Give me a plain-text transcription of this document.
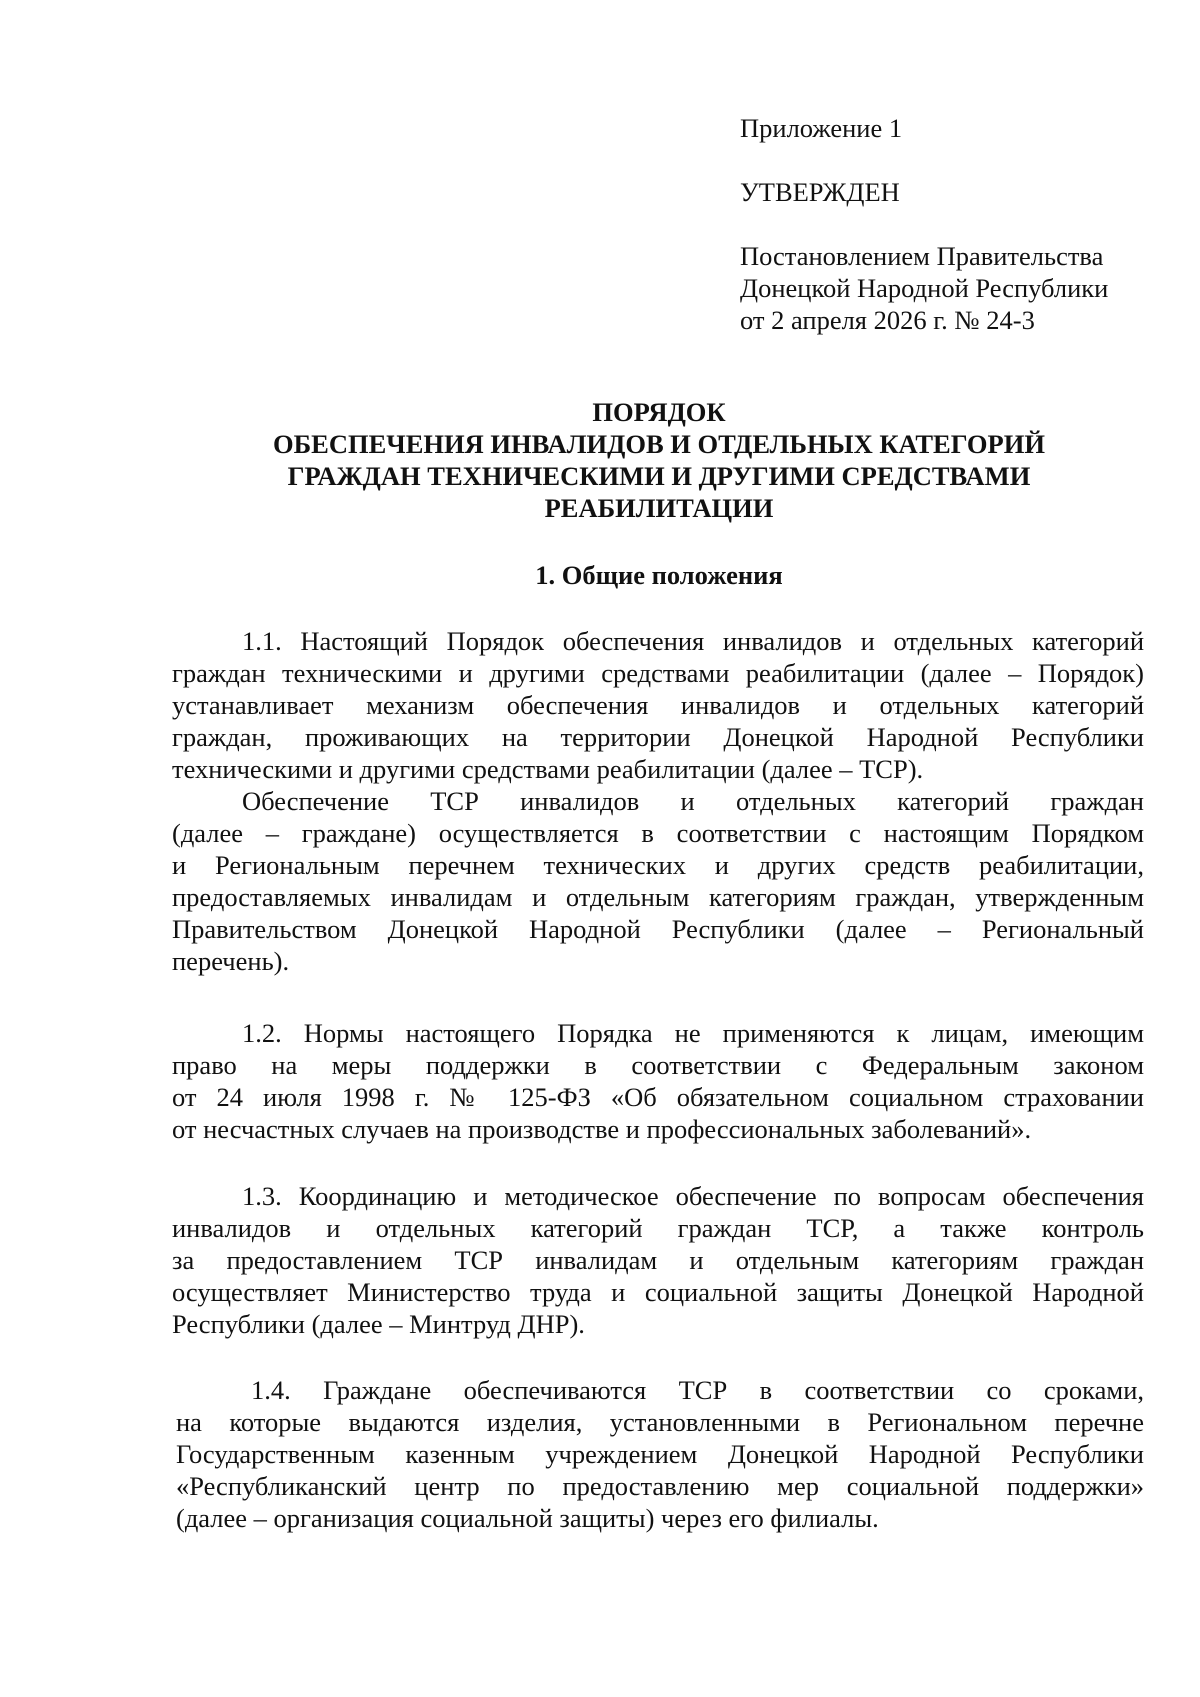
Приложение 1
УТВЕРЖДЕН
Постановлением Правительства
Донецкой Народной Республики
от 2 апреля 2026 г. № 24-3
ПОРЯДОК
ОБЕСПЕЧЕНИЯ ИНВАЛИДОВ И ОТДЕЛЬНЫХ КАТЕГОРИЙ
ГРАЖДАН ТЕХНИЧЕСКИМИ И ДРУГИМИ СРЕДСТВАМИ
РЕАБИЛИТАЦИИ
1. Общие положения
1.1. Настоящий Порядок обеспечения инвалидов и отдельных категорий
граждан техническими и другими средствами реабилитации (далее – Порядок)
устанавливает механизм обеспечения инвалидов и отдельных категорий
граждан, проживающих на территории Донецкой Народной Республики
техническими и другими средствами реабилитации (далее – ТСР).
Обеспечение ТСР инвалидов и отдельных категорий граждан
(далее – граждане) осуществляется в соответствии с настоящим Порядком
и Региональным перечнем технических и других средств реабилитации,
предоставляемых инвалидам и отдельным категориям граждан, утвержденным
Правительством Донецкой Народной Республики (далее – Региональный
перечень).
1.2. Нормы настоящего Порядка не применяются к лицам, имеющим
право на меры поддержки в соответствии с Федеральным законом
от 24 июля 1998 г. № 125-ФЗ «Об обязательном социальном страховании
от несчастных случаев на производстве и профессиональных заболеваний».
1.3. Координацию и методическое обеспечение по вопросам обеспечения
инвалидов и отдельных категорий граждан ТСР, а также контроль
за предоставлением ТСР инвалидам и отдельным категориям граждан
осуществляет Министерство труда и социальной защиты Донецкой Народной
Республики (далее – Минтруд ДНР).
1.4. Граждане обеспечиваются ТСР в соответствии со сроками,
на которые выдаются изделия, установленными в Региональном перечне
Государственным казенным учреждением Донецкой Народной Республики
«Республиканский центр по предоставлению мер социальной поддержки»
(далее – организация социальной защиты) через его филиалы.
